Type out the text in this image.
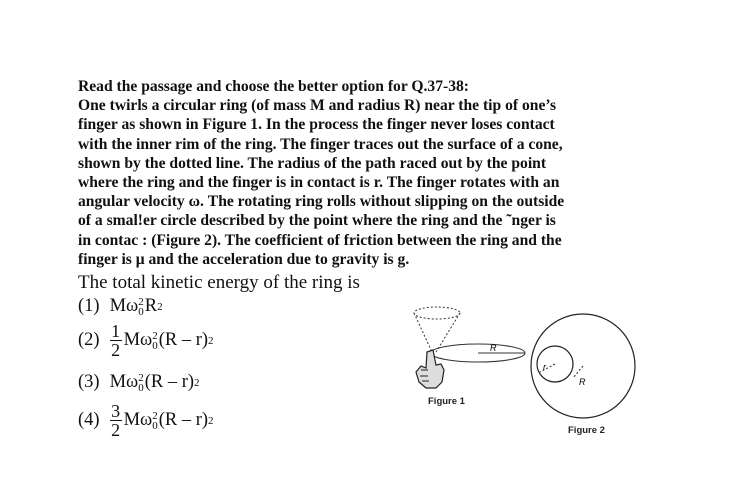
Read the passage and choose the better option for Q.37-38:
One twirls a circular ring (of mass M and radius R) near the tip of one’s
finger as shown in Figure 1. In the process the finger never loses contact
with the inner rim of the ring. The finger traces out the surface of a cone,
shown by the dotted line. The radius of the path raced out by the point
where the ring and the finger is in contact is r. The finger rotates with an
angular velocity ω. The rotating ring rolls without slipping on the outside
of a smal!er circle described by the point where the ring and the ˜nger is
in contac : (Figure 2). The coefficient of friction between the ring and the
finger is μ and the acceleration due to gravity is g.
The total kinetic energy of the ring is
(1) Mω 2
0 R 2
$(2) \frac{1}{2}$ Mω 2
0 (R – r) 2
(3) Mω 2
0 (R – r) 2
$(4) \frac{3}{2}$ Mω 2
0 (R – r) 2
R
r
R
Figure 1
Figure 2
